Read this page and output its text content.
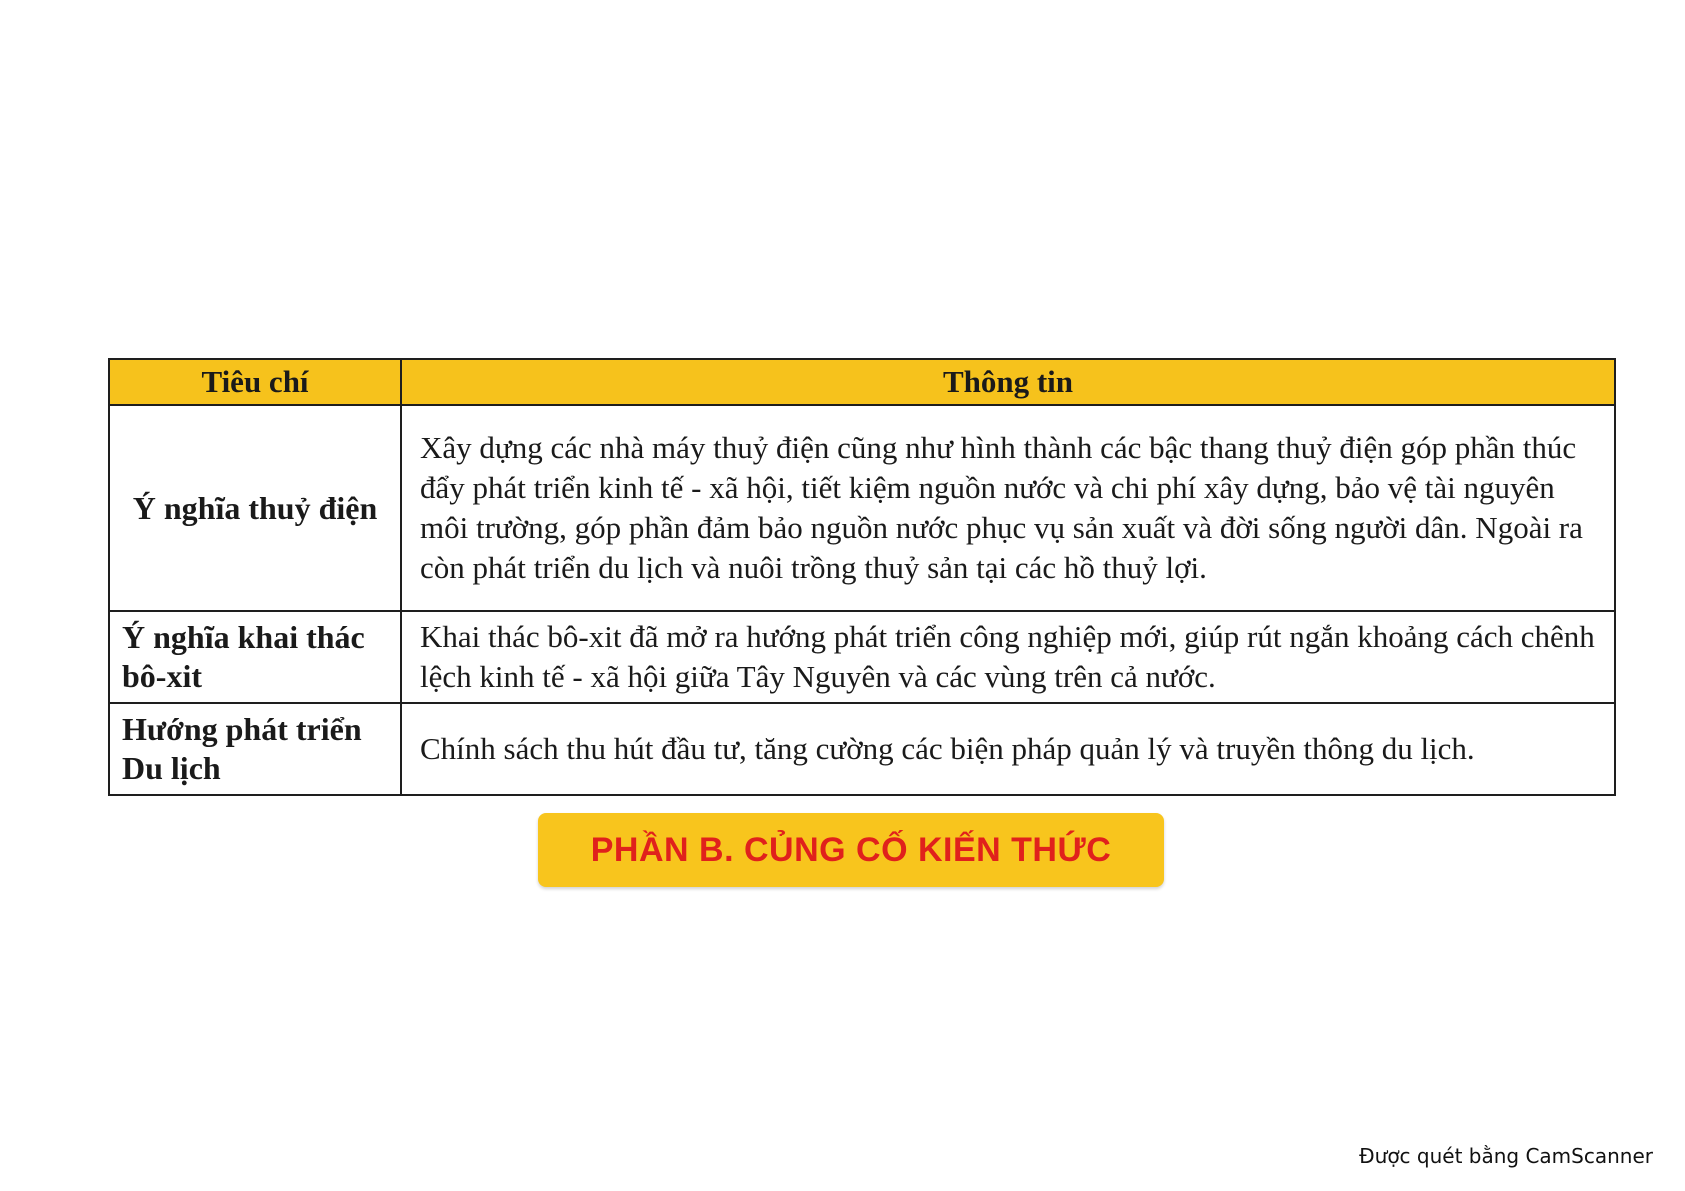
Tiêu chí	Thông tin
Ý nghĩa thuỷ điện	Xây dựng các nhà máy thuỷ điện cũng như hình thành các bậc thang thuỷ điện góp phần thúc đẩy phát triển kinh tế - xã hội, tiết kiệm nguồn nước và chi phí xây dựng, bảo vệ tài nguyên môi trường, góp phần đảm bảo nguồn nước phục vụ sản xuất và đời sống người dân. Ngoài ra còn phát triển du lịch và nuôi trồng thuỷ sản tại các hồ thuỷ lợi.
Ý nghĩa khai thác bô-xit	Khai thác bô-xit đã mở ra hướng phát triển công nghiệp mới, giúp rút ngắn khoảng cách chênh lệch kinh tế - xã hội giữa Tây Nguyên và các vùng trên cả nước.
Hướng phát triển Du lịch	Chính sách thu hút đầu tư, tăng cường các biện pháp quản lý và truyền thông du lịch.
PHẦN B. CỦNG CỐ KIẾN THỨC
Được quét bằng CamScanner
